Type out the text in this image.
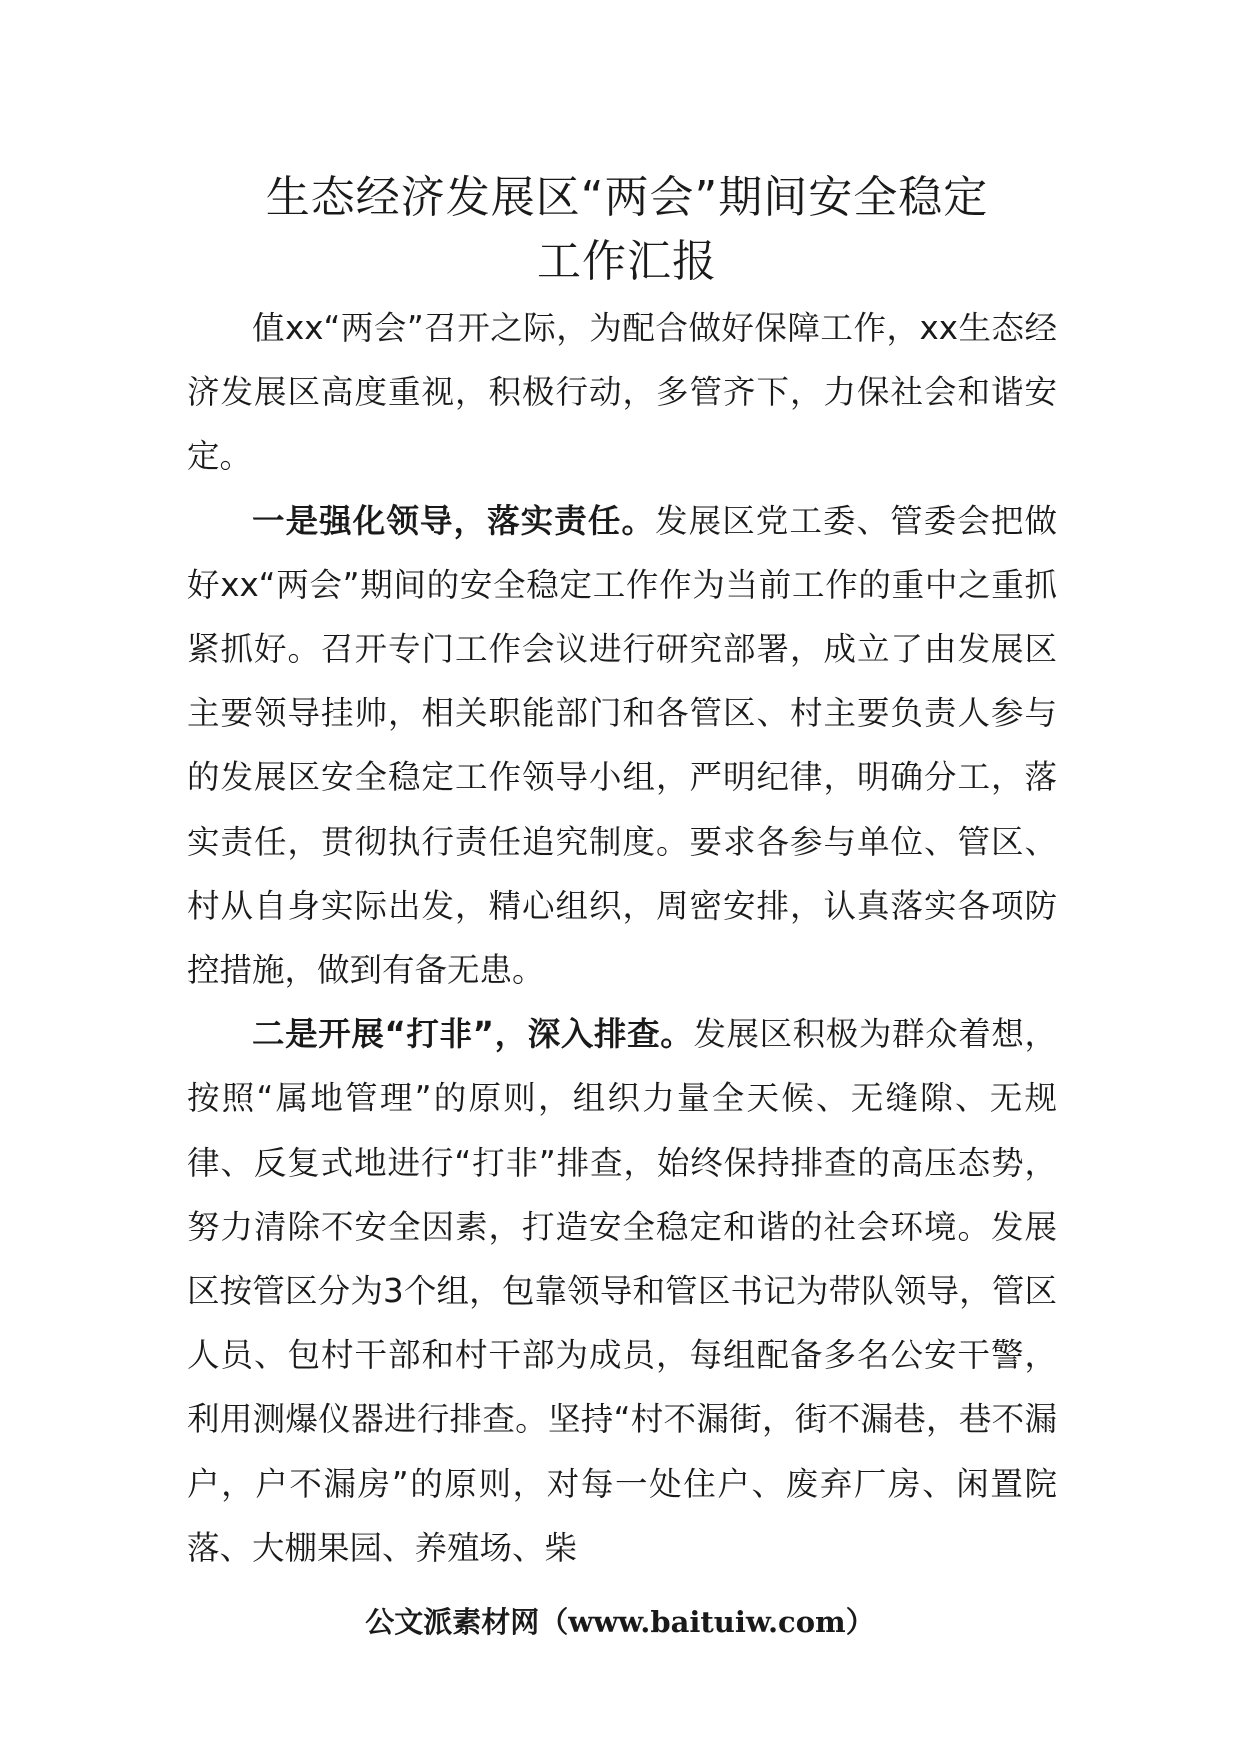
生态经济发展区“两会”期间安全稳定
工作汇报

值xx“两会”召开之际，为配合做好保障工作，xx生态经济发展区高度重视，积极行动，多管齐下，力保社会和谐安定。

一是强化领导，落实责任。发展区党工委、管委会把做好xx“两会”期间的安全稳定工作作为当前工作的重中之重抓紧抓好。召开专门工作会议进行研究部署，成立了由发展区主要领导挂帅，相关职能部门和各管区、村主要负责人参与的发展区安全稳定工作领导小组，严明纪律，明确分工，落实责任，贯彻执行责任追究制度。要求各参与单位、管区、村从自身实际出发，精心组织，周密安排，认真落实各项防控措施，做到有备无患。

二是开展“打非”，深入排查。发展区积极为群众着想，按照“属地管理”的原则，组织力量全天候、无缝隙、无规律、反复式地进行“打非”排查，始终保持排查的高压态势，努力清除不安全因素，打造安全稳定和谐的社会环境。发展区按管区分为3个组，包靠领导和管区书记为带队领导，管区人员、包村干部和村干部为成员，每组配备多名公安干警，利用测爆仪器进行排查。坚持“村不漏街，街不漏巷，巷不漏户，户不漏房”的原则，对每一处住户、废弃厂房、闲置院落、大棚果园、养殖场、柴

公文派素材网（www.baituiw.com）
